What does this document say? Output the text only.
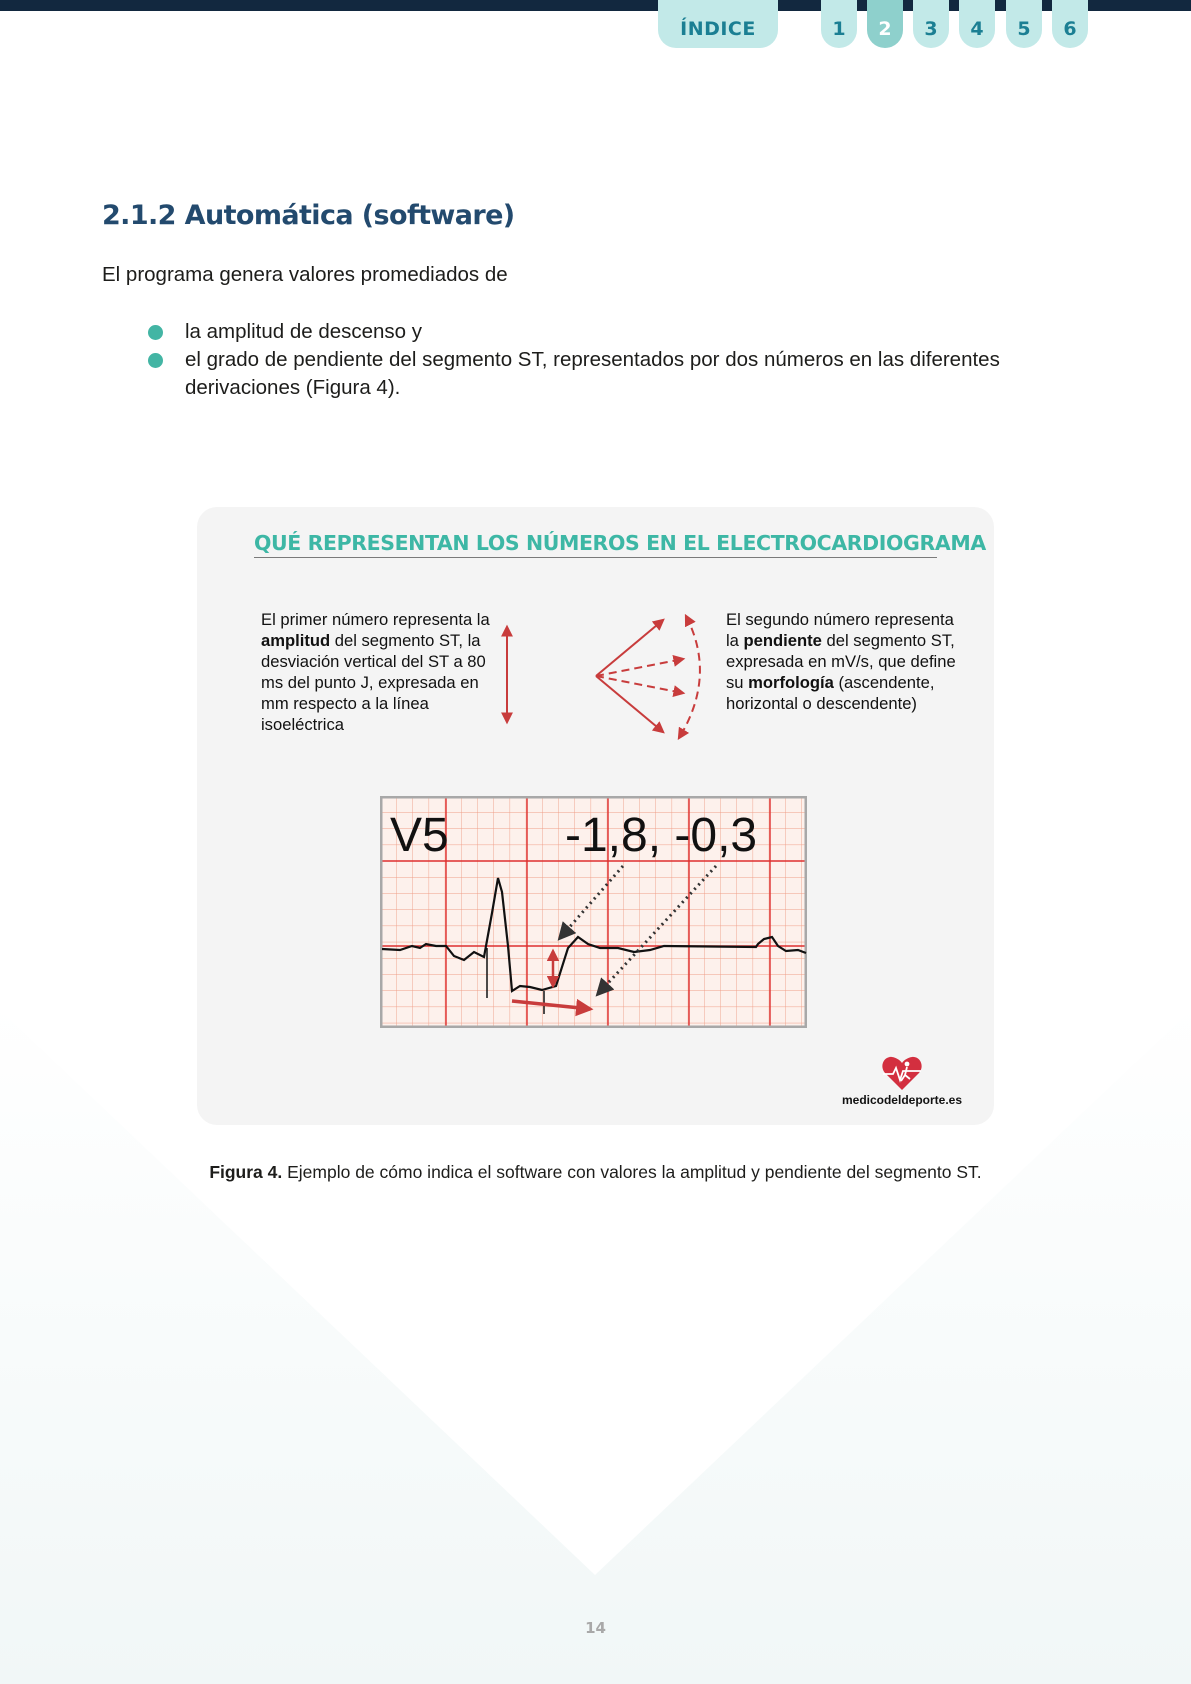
ÍNDICE	1	2	3	4	5	6
2.1.2 Automática (software)

El programa genera valores promediados de

la amplitud de descenso y
el grado de pendiente del segmento ST, representados por dos números en las diferentes derivaciones (Figura 4).
QUÉ REPRESENTAN LOS NÚMEROS EN EL ELECTROCARDIOGRAMA
El primer número representa la amplitud del segmento ST, la desviación vertical del ST a 80 ms del punto J, expresada en mm respecto a la línea isoeléctrica
El segundo número representa la pendiente del segmento ST, expresada en mV/s, que define su morfología (ascendente, horizontal o descendente)
V5 -1,8, -0,3
medicodeldeporte.es

Figura 4. Ejemplo de cómo indica el software con valores la amplitud y pendiente del segmento ST.

14
